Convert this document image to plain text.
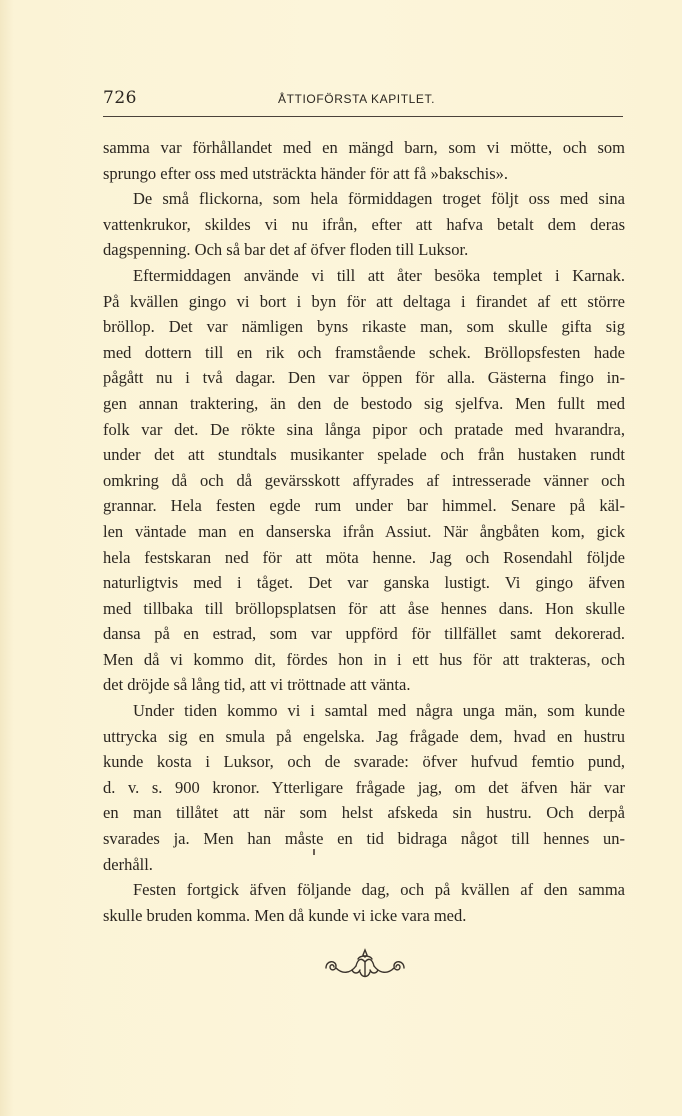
726	ÅTTIOFÖRSTA KAPITLET.
samma var förhållandet med en mängd barn, som vi mötte, och som
sprungo efter oss med utsträckta händer för att få »bakschis».
De små flickorna, som hela förmiddagen troget följt oss med sina
vattenkrukor, skildes vi nu ifrån, efter att hafva betalt dem deras
dagspenning. Och så bar det af öfver floden till Luksor.
Eftermiddagen använde vi till att åter besöka templet i Karnak.
På kvällen gingo vi bort i byn för att deltaga i firandet af ett större
bröllop. Det var nämligen byns rikaste man, som skulle gifta sig
med dottern till en rik och framstående schek. Bröllopsfesten hade
pågått nu i två dagar. Den var öppen för alla. Gästerna fingo in-
gen annan traktering, än den de bestodo sig sjelfva. Men fullt med
folk var det. De rökte sina långa pipor och pratade med hvarandra,
under det att stundtals musikanter spelade och från hustaken rundt
omkring då och då gevärsskott affyrades af intresserade vänner och
grannar. Hela festen egde rum under bar himmel. Senare på käl-
len väntade man en danserska ifrån Assiut. När ångbåten kom, gick
hela festskaran ned för att möta henne. Jag och Rosendahl följde
naturligtvis med i tåget. Det var ganska lustigt. Vi gingo äfven
med tillbaka till bröllopsplatsen för att åse hennes dans. Hon skulle
dansa på en estrad, som var uppförd för tillfället samt dekorerad.
Men då vi kommo dit, fördes hon in i ett hus för att trakteras, och
det dröjde så lång tid, att vi tröttnade att vänta.
Under tiden kommo vi i samtal med några unga män, som kunde
uttrycka sig en smula på engelska. Jag frågade dem, hvad en hustru
kunde kosta i Luksor, och de svarade: öfver hufvud femtio pund,
d. v. s. 900 kronor. Ytterligare frågade jag, om det äfven här var
en man tillåtet att när som helst afskeda sin hustru. Och derpå
svarades ja. Men han måste en tid bidraga något till hennes un-
derhåll.
Festen fortgick äfven följande dag, och på kvällen af den samma
skulle bruden komma. Men då kunde vi icke vara med.
